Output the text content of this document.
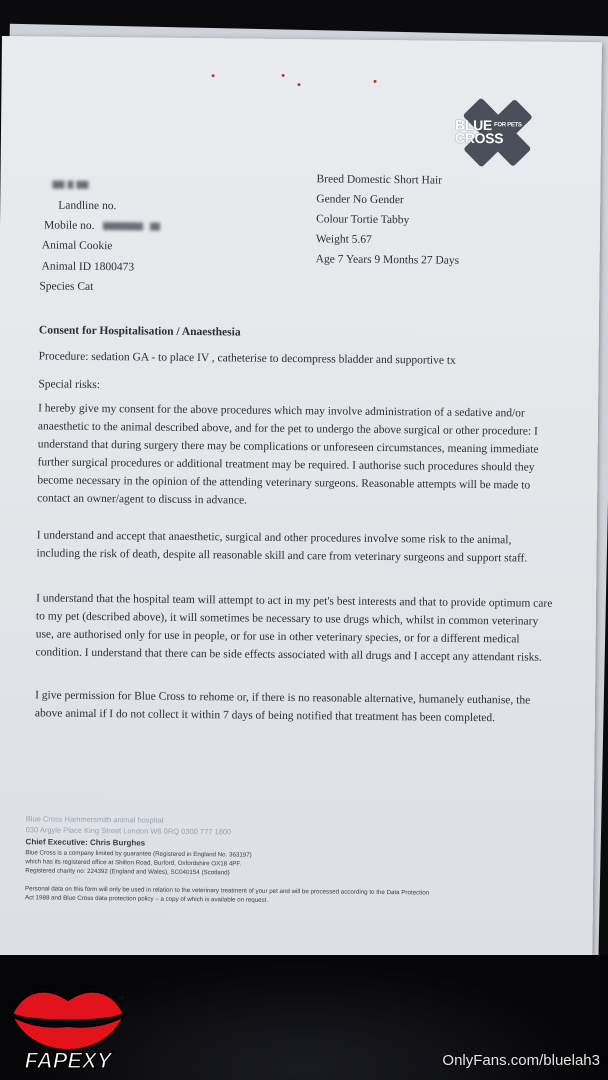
BLUE $^{FOR PETS}$
CROSS

Landline no.
Mobile no.
Animal Cookie
Animal ID 1800473
Species Cat
Breed Domestic Short Hair
Gender No Gender
Colour Tortie Tabby
Weight 5.67
Age 7 Years 9 Months 27 Days
Consent for Hospitalisation / Anaesthesia
Procedure: sedation GA - to place IV , catheterise to decompress bladder and supportive tx
Special risks:
I hereby give my consent for the above procedures which may involve administration of a sedative and/or anaesthetic to the animal described above, and for the pet to undergo the above surgical or other procedure: I understand that during surgery there may be complications or unforeseen circumstances, meaning immediate further surgical procedures or additional treatment may be required. I authorise such procedures should they become necessary in the opinion of the attending veterinary surgeons. Reasonable attempts will be made to contact an owner/agent to discuss in advance.
I understand and accept that anaesthetic, surgical and other procedures involve some risk to the animal, including the risk of death, despite all reasonable skill and care from veterinary surgeons and support staff.
I understand that the hospital team will attempt to act in my pet's best interests and that to provide optimum care to my pet (described above), it will sometimes be necessary to use drugs which, whilst in common veterinary use, are authorised only for use in people, or for use in other veterinary species, or for a different medical condition. I understand that there can be side effects associated with all drugs and I accept any attendant risks.
I give permission for Blue Cross to rehome or, if there is no reasonable alternative, humanely euthanise, the above animal if I do not collect it within 7 days of being notified that treatment has been completed.
Blue Cross Hammersmith animal hospital
030 Argyle Place King Street London W6 0RQ 0300 777 1800
Chief Executive: Chris Burghes
Blue Cross is a company limited by guarantee (Registered in England No. 363197)
which has its registered office at Shilton Road, Burford, Oxfordshire OX18 4PF.
Registered charity no: 224392 (England and Wales), SC040154 (Scotland)
Personal data on this form will only be used in relation to the veterinary treatment of your pet and will be processed according to the Data Protection
Act 1988 and Blue Cross data protection policy – a copy of which is available on request.
FAPEXY	OnlyFans.com/bluelah3
